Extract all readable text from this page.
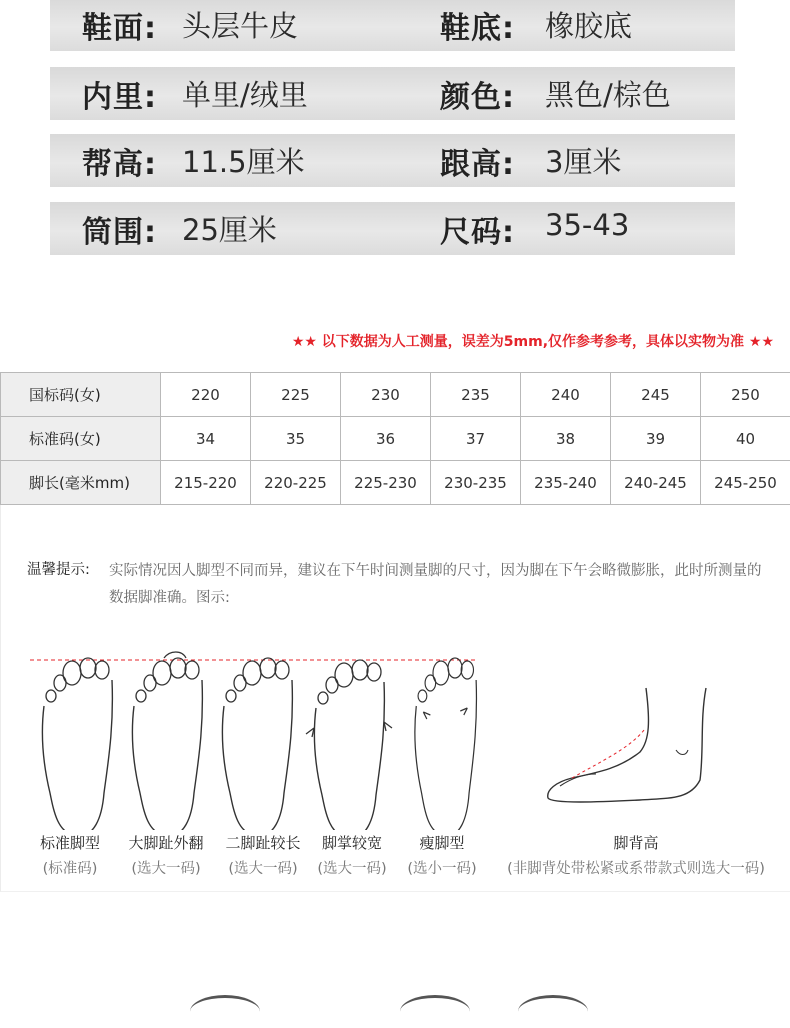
鞋面: 头层牛皮	鞋底: 橡胶底
内里: 单里/绒里	颜色: 黑色/棕色
帮高: 11.5厘米	跟高: 3厘米
筒围: 25厘米	尺码: 35-43
★★ 以下数据为人工测量，误差为5mm,仅作参考参考，具体以实物为准 ★★
国标码(女)	220	225	230	235	240	245	250
标准码(女)	34	35	36	37	38	39	40
脚长(毫米mm)	215-220	220-225	225-230	230-235	235-240	240-245	245-250
温馨提示: 实际情况因人脚型不同而异，建议在下午时间测量脚的尺寸，因为脚在下午会略微膨胀，此时所测量的数据脚准确。图示:
标准脚型
(标准码)
大脚趾外翻
(选大一码)
二脚趾较长
(选大一码)
脚掌较宽
(选大一码)
瘦脚型
(选小一码)
脚背高
(非脚背处带松紧或系带款式则选大一码)
